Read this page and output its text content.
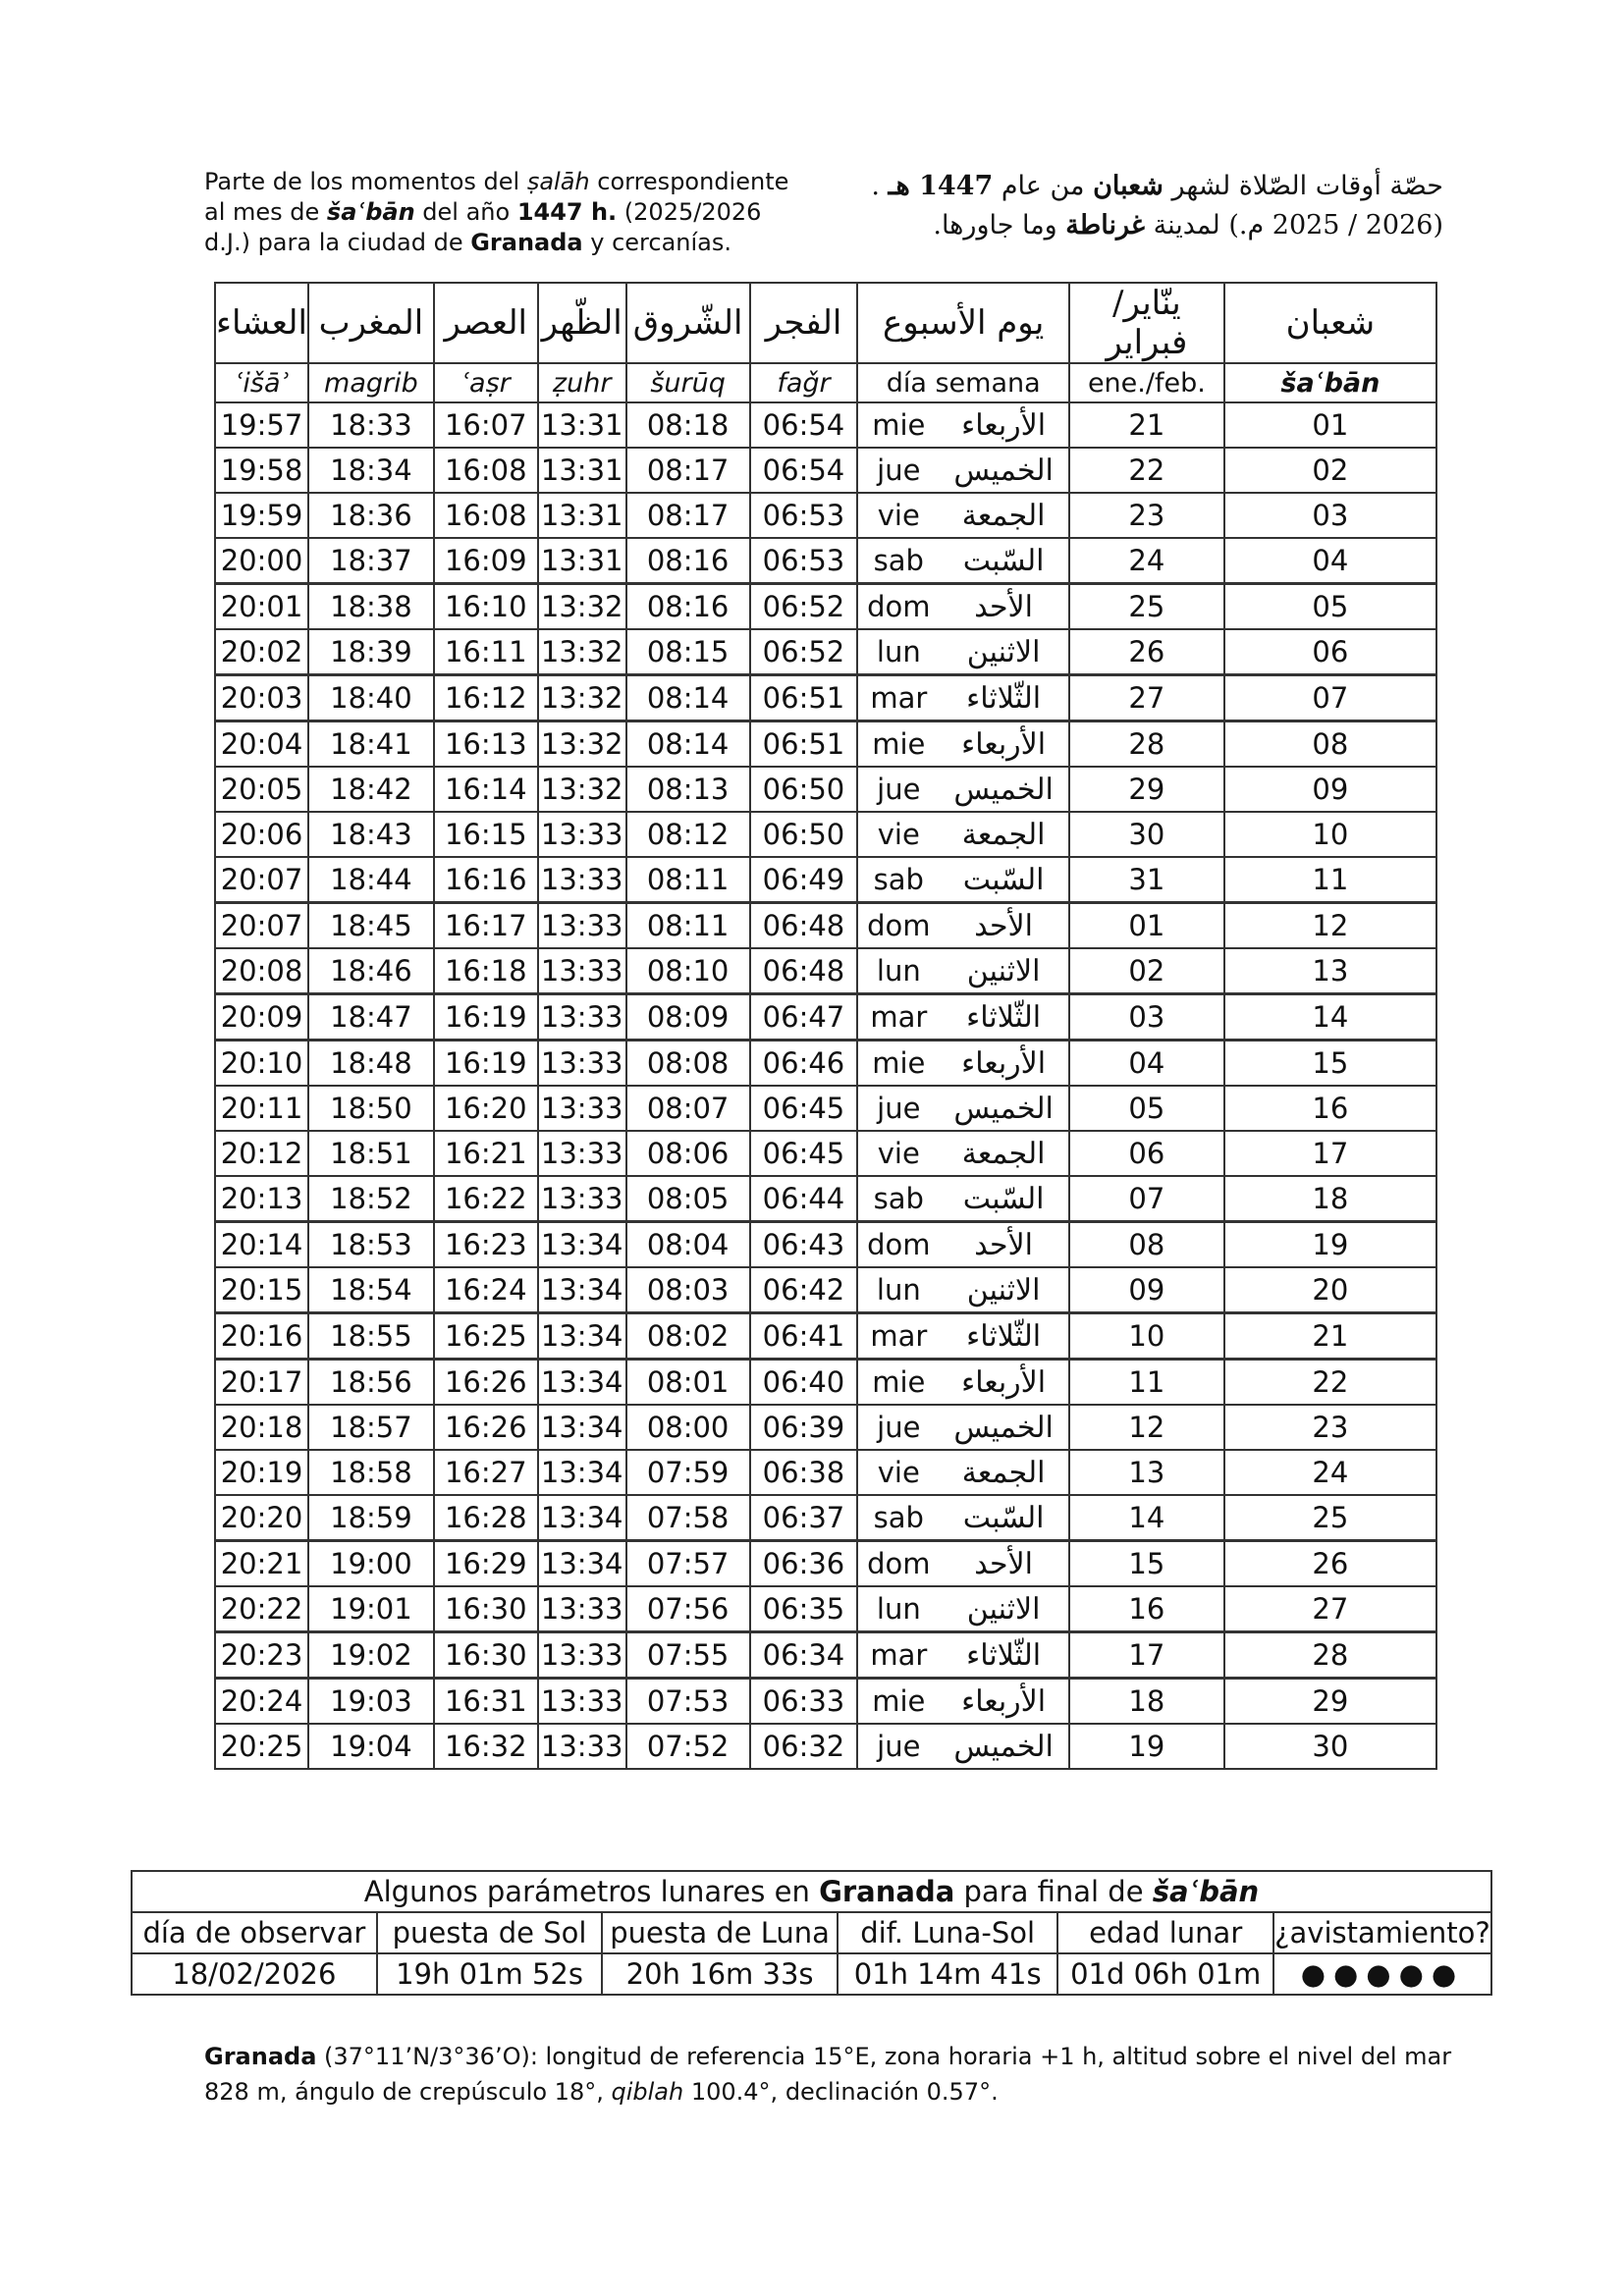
Parte de los momentos del ṣalāh correspondiente al mes de šaʿbān del año 1447 h. (2025/2026 d.J.) para la ciudad de Granada y cercanías.
حصّة أوقات الصّلاة لشهر شعبان من عام 1447 هـ . (2025 / 2026 م.) لمدينة غرناطة وما جاورها.
العشاء	المغرب	العصر	الظّهر	الشّروق	الفجر	يوم الأسبوع		ينّاير/ فبراير	شعبان
ʿišāʾ	magrib	ʿaṣr	ẓuhr	šurūq	faǧr	día semana		ene./feb.	šaʿbān
19:57	18:33	16:07	13:31	08:18	06:54	mie	الأربعاء	21	01
19:58	18:34	16:08	13:31	08:17	06:54	jue	الخميس	22	02
19:59	18:36	16:08	13:31	08:17	06:53	vie	الجمعة	23	03
20:00	18:37	16:09	13:31	08:16	06:53	sab	السّبت	24	04
20:01	18:38	16:10	13:32	08:16	06:52	dom	الأحد	25	05
20:02	18:39	16:11	13:32	08:15	06:52	lun	الاثنين	26	06
20:03	18:40	16:12	13:32	08:14	06:51	mar	الثّلاثاء	27	07
20:04	18:41	16:13	13:32	08:14	06:51	mie	الأربعاء	28	08
20:05	18:42	16:14	13:32	08:13	06:50	jue	الخميس	29	09
20:06	18:43	16:15	13:33	08:12	06:50	vie	الجمعة	30	10
20:07	18:44	16:16	13:33	08:11	06:49	sab	السّبت	31	11
20:07	18:45	16:17	13:33	08:11	06:48	dom	الأحد	01	12
20:08	18:46	16:18	13:33	08:10	06:48	lun	الاثنين	02	13
20:09	18:47	16:19	13:33	08:09	06:47	mar	الثّلاثاء	03	14
20:10	18:48	16:19	13:33	08:08	06:46	mie	الأربعاء	04	15
20:11	18:50	16:20	13:33	08:07	06:45	jue	الخميس	05	16
20:12	18:51	16:21	13:33	08:06	06:45	vie	الجمعة	06	17
20:13	18:52	16:22	13:33	08:05	06:44	sab	السّبت	07	18
20:14	18:53	16:23	13:34	08:04	06:43	dom	الأحد	08	19
20:15	18:54	16:24	13:34	08:03	06:42	lun	الاثنين	09	20
20:16	18:55	16:25	13:34	08:02	06:41	mar	الثّلاثاء	10	21
20:17	18:56	16:26	13:34	08:01	06:40	mie	الأربعاء	11	22
20:18	18:57	16:26	13:34	08:00	06:39	jue	الخميس	12	23
20:19	18:58	16:27	13:34	07:59	06:38	vie	الجمعة	13	24
20:20	18:59	16:28	13:34	07:58	06:37	sab	السّبت	14	25
20:21	19:00	16:29	13:34	07:57	06:36	dom	الأحد	15	26
20:22	19:01	16:30	13:33	07:56	06:35	lun	الاثنين	16	27
20:23	19:02	16:30	13:33	07:55	06:34	mar	الثّلاثاء	17	28
20:24	19:03	16:31	13:33	07:53	06:33	mie	الأربعاء	18	29
20:25	19:04	16:32	13:33	07:52	06:32	jue	الخميس	19	30
Algunos parámetros lunares en Granada para final de šaʿbān					
día de observar	puesta de Sol	puesta de Luna	dif. Luna-Sol	edad lunar	¿avistamiento?
18/02/2026	19h 01m 52s	20h 16m 33s	01h 14m 41s	01d 06h 01m	●●●●●
Granada (37°11’N/3°36’O): longitud de referencia 15°E, zona horaria +1 h, altitud sobre el nivel del mar 828 m, ángulo de crepúsculo 18°, qiblah 100.4°, declinación 0.57°.
